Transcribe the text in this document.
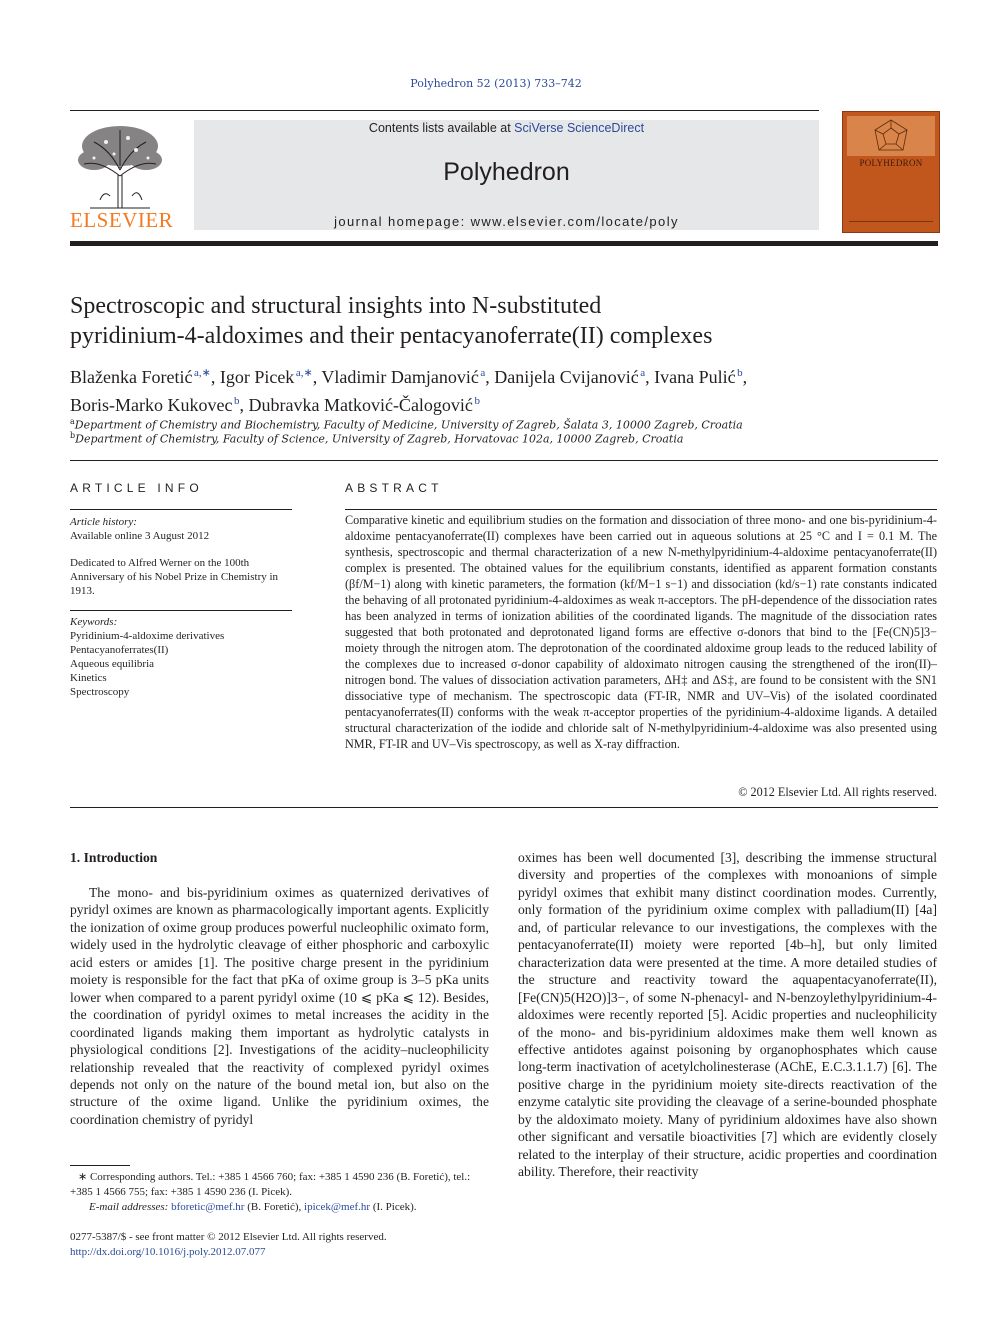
Polyhedron 52 (2013) 733–742
ELSEVIER
Contents lists available at SciVerse ScienceDirect
Polyhedron
journal homepage: www.elsevier.com/locate/poly
POLYHEDRON
Spectroscopic and structural insights into N-substituted
pyridinium-4-aldoximes and their pentacyanoferrate(II) complexes
Blaženka Foretić  $^{a,∗}$, Igor Picek  $^{a,∗}$, Vladimir Damjanović  $^a$, Danijela Cvijanović  $^a$, Ivana Pulić  $^b$,
Boris-Marko Kukovec  $^b$, Dubravka Matković-Čalogović  $^b$
$^a$Department of Chemistry and Biochemistry, Faculty of Medicine, University of Zagreb, Šalata 3, 10000 Zagreb, Croatia
$^b$Department of Chemistry, Faculty of Science, University of Zagreb, Horvatovac 102a, 10000 Zagreb, Croatia
ARTICLE INFO	ABSTRACT
Article history:
Available online 3 August 2012
Dedicated to Alfred Werner on the 100th Anniversary of his Nobel Prize in Chemistry in 1913.
Keywords:
Pyridinium-4-aldoxime derivatives
Pentacyanoferrates(II)
Aqueous equilibria
Kinetics
Spectroscopy
Comparative kinetic and equilibrium studies on the formation and dissociation of three mono- and one bis-pyridinium-4-aldoxime pentacyanoferrate(II) complexes have been carried out in aqueous solutions at 25 °C and I = 0.1 M. The synthesis, spectroscopic and thermal characterization of a new N-methylpyridinium-4-aldoxime pentacyanoferrate(II) complex is presented. The obtained values for the equilibrium constants, identified as apparent formation constants (βf/M−1) along with kinetic parameters, the formation (kf/M−1 s−1) and dissociation (kd/s−1) rate constants indicated the behaving of all protonated pyridinium-4-aldoximes as weak π-acceptors. The pH-dependence of the dissociation rates has been analyzed in terms of ionization abilities of the coordinated ligands. The magnitude of the dissociation rates suggested that both protonated and deprotonated ligand forms are effective σ-donors that bind to the [Fe(CN)5]3− moiety through the nitrogen atom. The deprotonation of the coordinated aldoxime group leads to the reduced lability of the complexes due to increased σ-donor capability of aldoximato nitrogen causing the strengthened of the iron(II)–nitrogen bond. The values of dissociation activation parameters, ΔH‡ and ΔS‡, are found to be consistent with the SN1 dissociative type of mechanism. The spectroscopic data (FT-IR, NMR and UV–Vis) of the isolated coordinated pentacyanoferrates(II) conforms with the weak π-acceptor properties of the pyridinium-4-aldoxime ligands. A detailed structural characterization of the iodide and chloride salt of N-methylpyridinium-4-aldoxime was also presented using NMR, FT-IR and UV–Vis spectroscopy, as well as X-ray diffraction.
© 2012 Elsevier Ltd. All rights reserved.
1. Introduction
The mono- and bis-pyridinium oximes as quaternized derivatives of pyridyl oximes are known as pharmacologically important agents. Explicitly the ionization of oxime group produces powerful nucleophilic oximato form, widely used in the hydrolytic cleavage of either phosphoric and carboxylic acid esters or amides [1]. The positive charge present in the pyridinium moiety is responsible for the fact that pKa of oxime group is 3–5 pKa units lower when compared to a parent pyridyl oxime (10 ⩽ pKa ⩽ 12). Besides, the coordination of pyridyl oximes to metal increases the acidity in the coordinated ligands making them important as hydrolytic catalysts in physiological conditions [2]. Investigations of the acidity–nucleophilicity relationship revealed that the reactivity of complexed pyridyl oximes depends not only on the nature of the bound metal ion, but also on the structure of the oxime ligand. Unlike the pyridinium oximes, the coordination chemistry of pyridyl
oximes has been well documented [3], describing the immense structural diversity and properties of the complexes with monoanions of simple pyridyl oximes that exhibit many distinct coordination modes. Currently, only formation of the pyridinium oxime complex with palladium(II) [4a] and, of particular relevance to our investigations, the complexes with the pentacyanoferrate(II) moiety were reported [4b–h], but only limited characterization data were presented at the time. A more detailed studies of the structure and reactivity toward the aquapentacyanoferrate(II), [Fe(CN)5(H2O)]3−, of some N-phenacyl- and N-benzoylethylpyridinium-4-aldoximes were recently reported [5]. Acidic properties and nucleophilicity of the mono- and bis-pyridinium aldoximes make them well known as effective antidotes against poisoning by organophosphates which cause long-term inactivation of acetylcholinesterase (AChE, E.C.3.1.1.7) [6]. The positive charge in the pyridinium moiety site-directs reactivation of the enzyme catalytic site providing the cleavage of a serine-bounded phosphate by the aldoximato moiety. Many of pyridinium aldoximes have also shown other significant and versatile bioactivities [7] which are evidently closely related to the interplay of their structure, acidic properties and coordination ability. Therefore, their reactivity
∗ Corresponding authors. Tel.: +385 1 4566 760; fax: +385 1 4590 236 (B. Foretić), tel.: +385 1 4566 755; fax: +385 1 4590 236 (I. Picek).
E-mail addresses: bforetic@mef.hr (B. Foretić), ipicek@mef.hr (I. Picek).
0277-5387/$ - see front matter © 2012 Elsevier Ltd. All rights reserved.
http://dx.doi.org/10.1016/j.poly.2012.07.077
